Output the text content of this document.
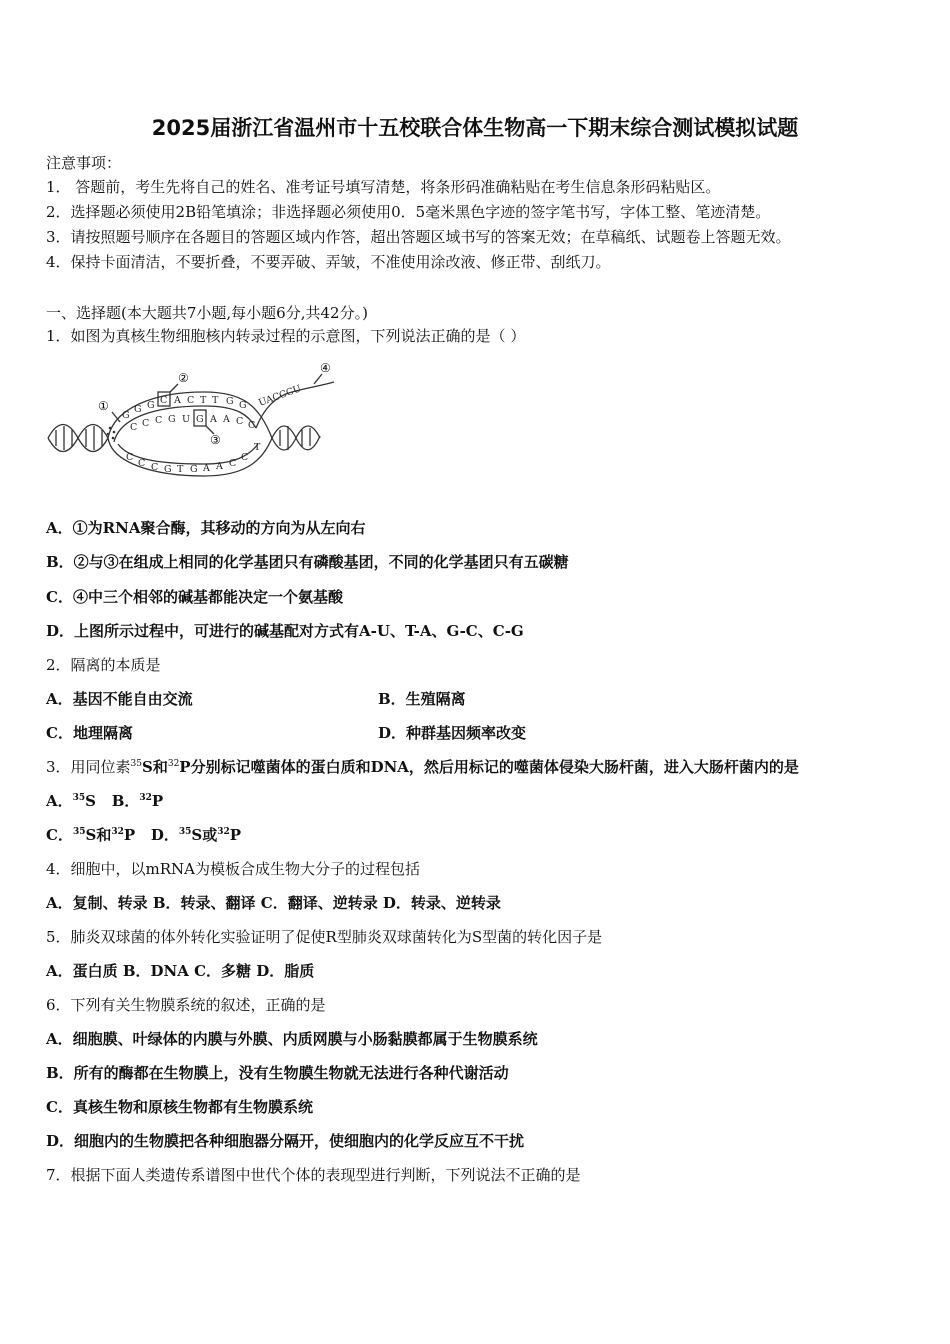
2025届浙江省温州市十五校联合体生物高一下期末综合测试模拟试题
注意事项：
1． 答题前，考生先将自己的姓名、准考证号填写清楚，将条形码准确粘贴在考生信息条形码粘贴区。
2．选择题必须使用2B铅笔填涂；非选择题必须使用0．5毫米黑色字迹的签字笔书写，字体工整、笔迹清楚。
3．请按照题号顺序在各题目的答题区域内作答，超出答题区域书写的答案无效；在草稿纸、试题卷上答题无效。
4．保持卡面清洁，不要折叠，不要弄破、弄皱，不准使用涂改液、修正带、刮纸刀。
一、选择题(本大题共7小题,每小题6分,共42分。)
1．如图为真核生物细胞核内转录过程的示意图，下列说法正确的是（ ）
②
③
①
④
G
G G C A C T T G G
C C C G U G A A C C
UACCCU
C
C C G T G A A C
C
T
A．①为RNA聚合酶，其移动的方向为从左向右
B．②与③在组成上相同的化学基团只有磷酸基团，不同的化学基团只有五碳糖
C．④中三个相邻的碱基都能决定一个氨基酸
D．上图所示过程中，可进行的碱基配对方式有A-U、T-A、G-C、C-G
2．隔离的本质是
A．基因不能自由交流	B．生殖隔离
C．地理隔离	D．种群基因频率改变
3．用同位素$^{35}$S和$^{32}$P分别标记噬菌体的蛋白质和DNA，然后用标记的噬菌体侵染大肠杆菌，进入大肠杆菌内的是
A．$^{35}$S B．$^{32}$P
C．$^{35}$S和$^{32}$P D．$^{35}$S或$^{32}$P
4．细胞中，以mRNA为模板合成生物大分子的过程包括
A．复制、转录 B．转录、翻译 C．翻译、逆转录 D．转录、逆转录
5．肺炎双球菌的体外转化实验证明了促使R型肺炎双球菌转化为S型菌的转化因子是
A．蛋白质 B．DNA C．多糖 D．脂质
6．下列有关生物膜系统的叙述，正确的是
A．细胞膜、叶绿体的内膜与外膜、内质网膜与小肠黏膜都属于生物膜系统
B．所有的酶都在生物膜上，没有生物膜生物就无法进行各种代谢活动
C．真核生物和原核生物都有生物膜系统
D．细胞内的生物膜把各种细胞器分隔开，使细胞内的化学反应互不干扰
7．根据下面人类遗传系谱图中世代个体的表现型进行判断，下列说法不正确的是
